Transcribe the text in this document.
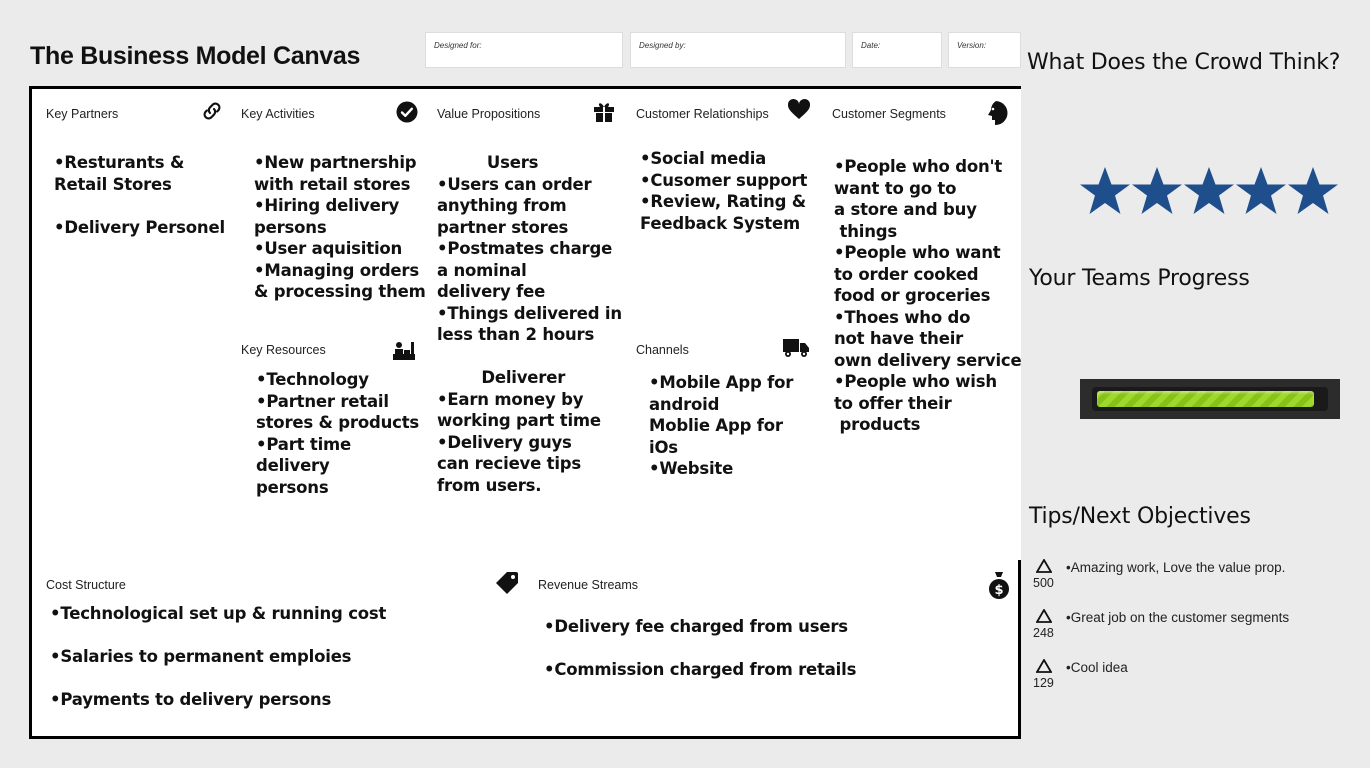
The Business Model Canvas	Designed for:	Designed by:	Date:	Version:
Key Partners
•Resturants &
Retail Stores

•Delivery Personel
Key Activities
•New partnership
with retail stores
•Hiring delivery
persons
•User aquisition
•Managing orders
& processing them
Key Resources
•Technology
•Partner retail
stores & products
•Part time
delivery
persons
Value Propositions
Users
•Users can order
anything from
partner stores
•Postmates charge
a nominal
delivery fee
•Things delivered in
less than 2 hours

Deliverer
•Earn money by
working part time
•Delivery guys
can recieve tips
from users.
Customer Relationships
•Social media
•Cusomer support
•Review, Rating &
Feedback System
Channels
•Mobile App for
android
Moblie App for
iOs
•Website
Customer Segments
•People who don't
want to go to
a store and buy
things
•People who want
to order cooked
food or groceries
•Thoes who do
not have their
own delivery service
•People who wish
to offer their
products
Cost Structure
•Technological set up & running cost

•Salaries to permanent emploies

•Payments to delivery persons
Revenue Streams	$
•Delivery fee charged from users

•Commission charged from retails
What Does the Crowd Think?
Your Teams Progress
Tips/Next Objectives
500
•Amazing work, Love the value prop.
248
•Great job on the customer segments
129
•Cool idea
